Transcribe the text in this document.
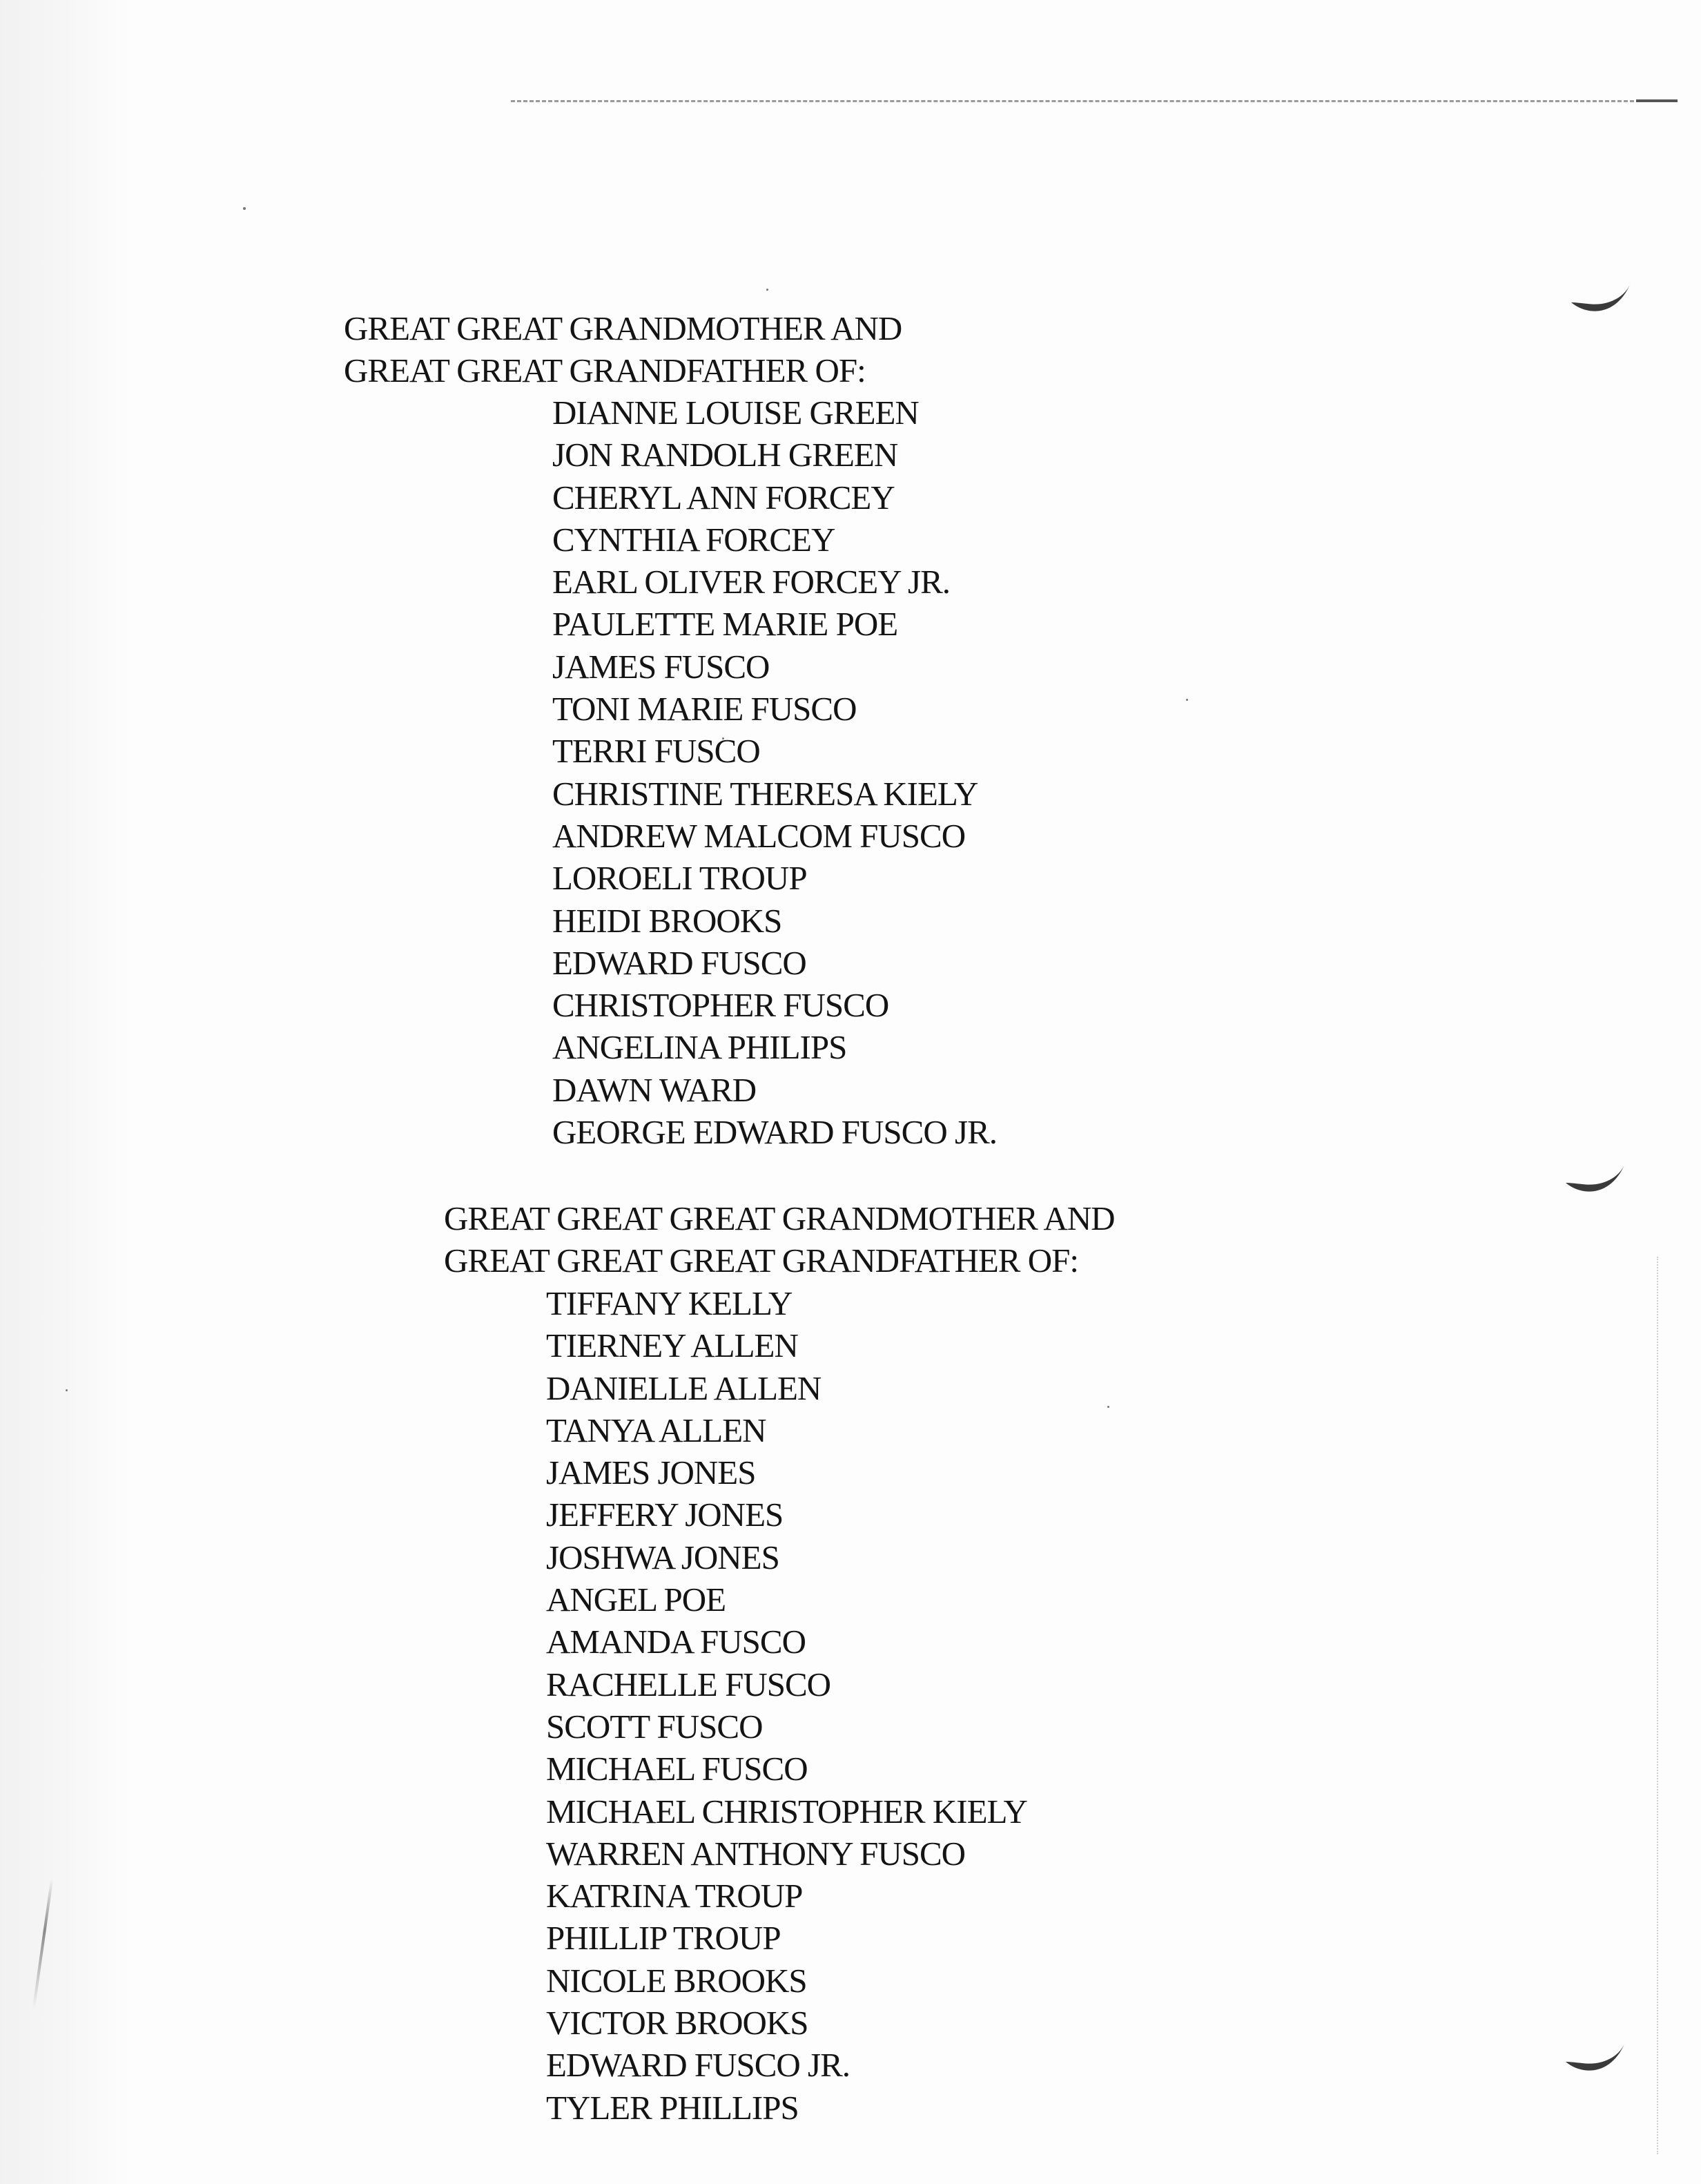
GREAT GREAT GRANDMOTHER AND
GREAT GREAT GRANDFATHER OF:
DIANNE LOUISE GREEN
JON RANDOLH GREEN
CHERYL ANN FORCEY
CYNTHIA FORCEY
EARL OLIVER FORCEY JR.
PAULETTE MARIE POE
JAMES FUSCO
TONI MARIE FUSCO
TERRI FUSCO
CHRISTINE THERESA KIELY
ANDREW MALCOM FUSCO
LOROELI TROUP
HEIDI BROOKS
EDWARD FUSCO
CHRISTOPHER FUSCO
ANGELINA PHILIPS
DAWN WARD
GEORGE EDWARD FUSCO JR.
GREAT GREAT GREAT GRANDMOTHER AND
GREAT GREAT GREAT GRANDFATHER OF:
TIFFANY KELLY
TIERNEY ALLEN
DANIELLE ALLEN
TANYA ALLEN
JAMES JONES
JEFFERY JONES
JOSHWA JONES
ANGEL POE
AMANDA FUSCO
RACHELLE FUSCO
SCOTT FUSCO
MICHAEL FUSCO
MICHAEL CHRISTOPHER KIELY
WARREN ANTHONY FUSCO
KATRINA TROUP
PHILLIP TROUP
NICOLE BROOKS
VICTOR BROOKS
EDWARD FUSCO JR.
TYLER PHILLIPS
